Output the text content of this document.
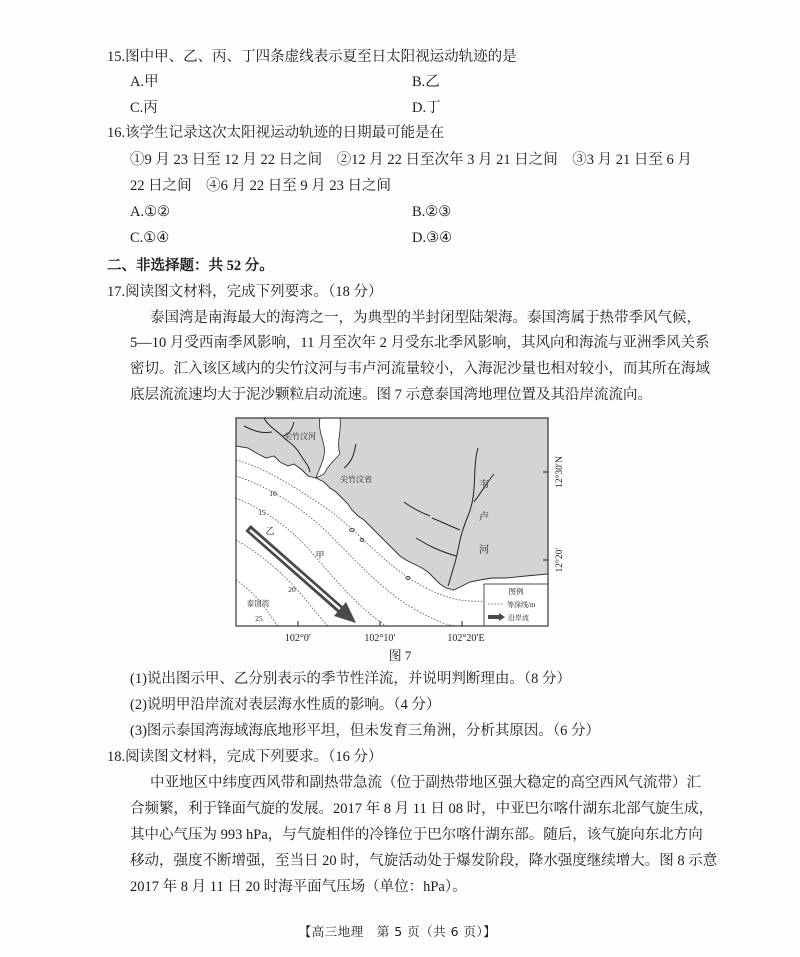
15.图中甲、乙、丙、丁四条虚线表示夏至日太阳视运动轨迹的是
A.甲	B.乙
C.丙	D.丁
16.该学生记录这次太阳视运动轨迹的日期最可能是在
①9 月 23 日至 12 月 22 日之间　②12 月 22 日至次年 3 月 21 日之间　③3 月 21 日至 6 月
22 日之间　④6 月 22 日至 9 月 23 日之间
A.①②	B.②③
C.①④	D.③④
二、非选择题：共 52 分。
17.阅读图文材料，完成下列要求。（18 分）
泰国湾是南海最大的海湾之一，为典型的半封闭型陆架海。泰国湾属于热带季风气候，
5—10 月受西南季风影响，11 月至次年 2 月受东北季风影响，其风向和海流与亚洲季风关系
密切。汇入该区域内的尖竹汶河与韦卢河流量较小，入海泥沙量也相对较小，而其所在海域
底层流流速均大于泥沙颗粒启动流速。图 7 示意泰国湾地理位置及其沿岸流流向。
尖竹汶河
尖竹汶省
韦
卢
河
10
15
20
25
乙
甲
泰国湾
图例
等深线/m
沿岸流
12°30′N
12°20′
102°0′	102°10′	102°20′E
图 7
(1)说出图示甲、乙分别表示的季节性洋流，并说明判断理由。（8 分）
(2)说明甲沿岸流对表层海水性质的影响。（4 分）
(3)图示泰国湾海域海底地形平坦，但未发育三角洲，分析其原因。（6 分）
18.阅读图文材料，完成下列要求。（16 分）
中亚地区中纬度西风带和副热带急流（位于副热带地区强大稳定的高空西风气流带）汇
合频繁，利于锋面气旋的发展。2017 年 8 月 11 日 08 时，中亚巴尔喀什湖东北部气旋生成，
其中心气压为 993 hPa，与气旋相伴的冷锋位于巴尔喀什湖东部。随后，该气旋向东北方向
移动，强度不断增强，至当日 20 时，气旋活动处于爆发阶段，降水强度继续增大。图 8 示意
2017 年 8 月 11 日 20 时海平面气压场（单位：hPa）。
【高三地理　第 5 页（共 6 页）】
